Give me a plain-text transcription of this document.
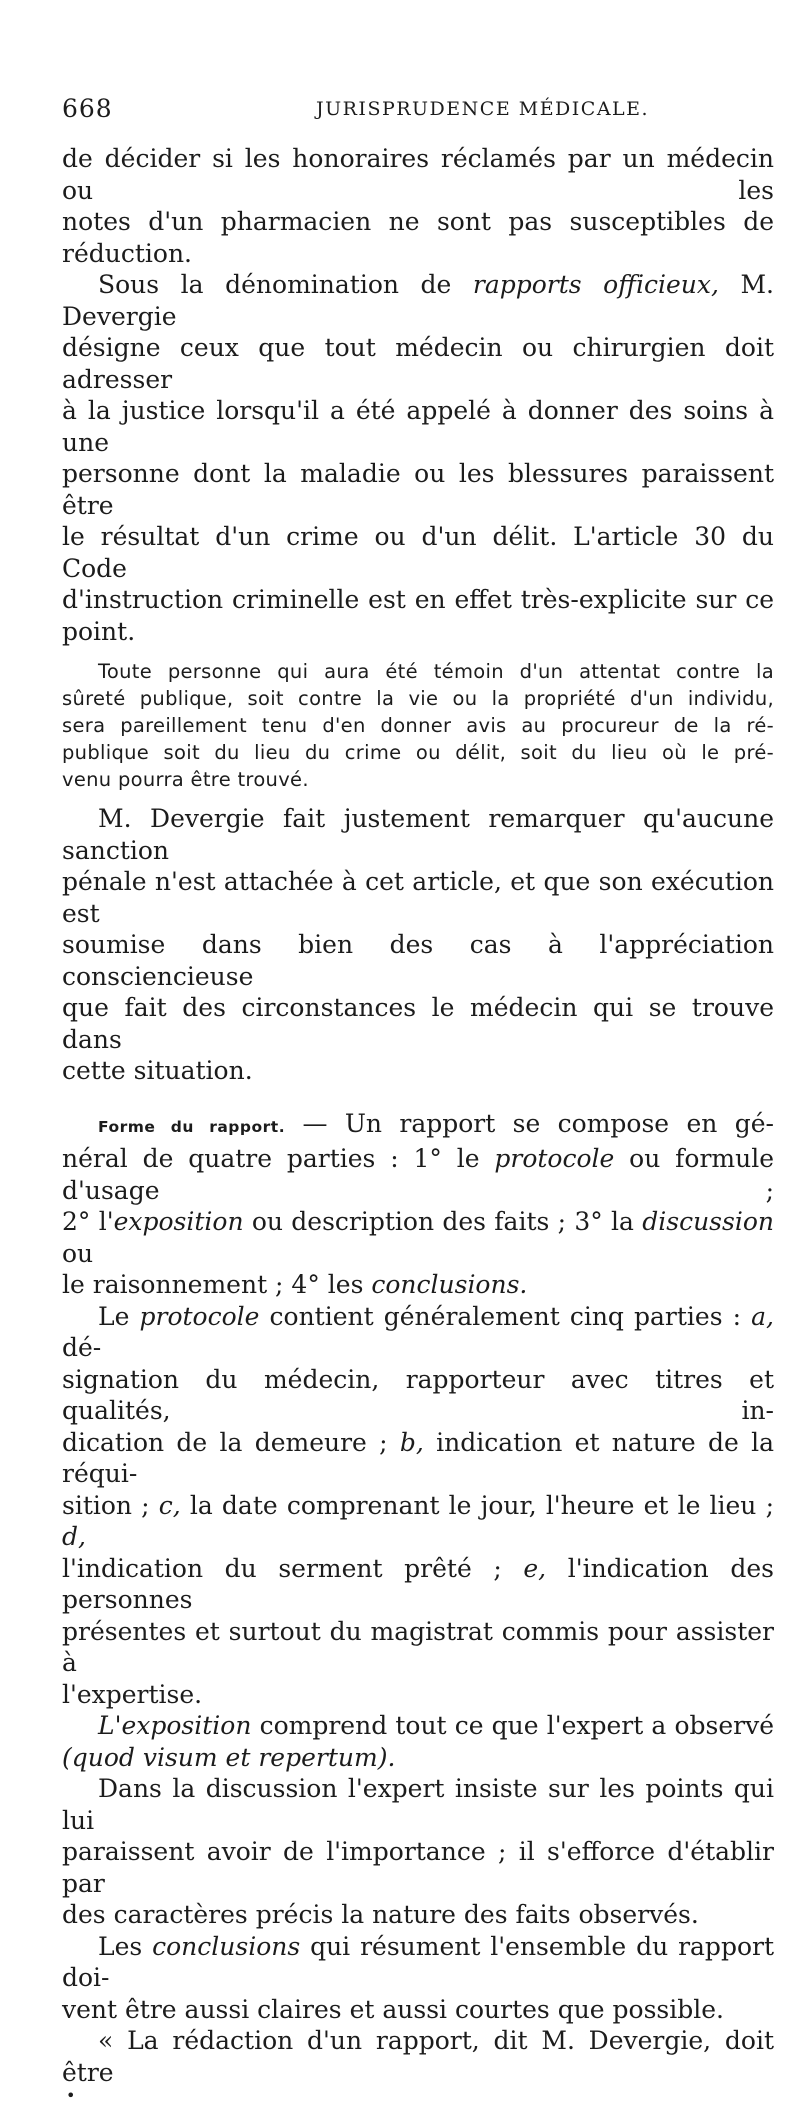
668	JURISPRUDENCE MÉDICALE.

de décider si les honoraires réclamés par un médecin ou les

notes d'un pharmacien ne sont pas susceptibles de réduction.

Sous la dénomination de rapports officieux, M. Devergie

désigne ceux que tout médecin ou chirurgien doit adresser

à la justice lorsqu'il a été appelé à donner des soins à une

personne dont la maladie ou les blessures paraissent être

le résultat d'un crime ou d'un délit. L'article 30 du Code

d'instruction criminelle est en effet très-explicite sur ce point.

Toute personne qui aura été témoin d'un attentat contre la

sûreté publique, soit contre la vie ou la propriété d'un individu,

sera pareillement tenu d'en donner avis au procureur de la ré-

publique soit du lieu du crime ou délit, soit du lieu où le pré-

venu pourra être trouvé.

M. Devergie fait justement remarquer qu'aucune sanction

pénale n'est attachée à cet article, et que son exécution est

soumise dans bien des cas à l'appréciation consciencieuse

que fait des circonstances le médecin qui se trouve dans

cette situation.

Forme du rapport. — Un rapport se compose en gé-

néral de quatre parties : 1° le protocole ou formule d'usage ;

2° l'exposition ou description des faits ; 3° la discussion ou

le raisonnement ; 4° les conclusions.

Le protocole contient généralement cinq parties : a, dé-

signation du médecin, rapporteur avec titres et qualités, in-

dication de la demeure ; b, indication et nature de la réqui-

sition ; c, la date comprenant le jour, l'heure et le lieu ; d,

l'indication du serment prêté ; e, l'indication des personnes

présentes et surtout du magistrat commis pour assister à

l'expertise.

L'exposition comprend tout ce que l'expert a observé

(quod visum et repertum).

Dans la discussion l'expert insiste sur les points qui lui

paraissent avoir de l'importance ; il s'efforce d'établir par

des caractères précis la nature des faits observés.

Les conclusions qui résument l'ensemble du rapport doi-

vent être aussi claires et aussi courtes que possible.

« La rédaction d'un rapport, dit M. Devergie, doit être

•
